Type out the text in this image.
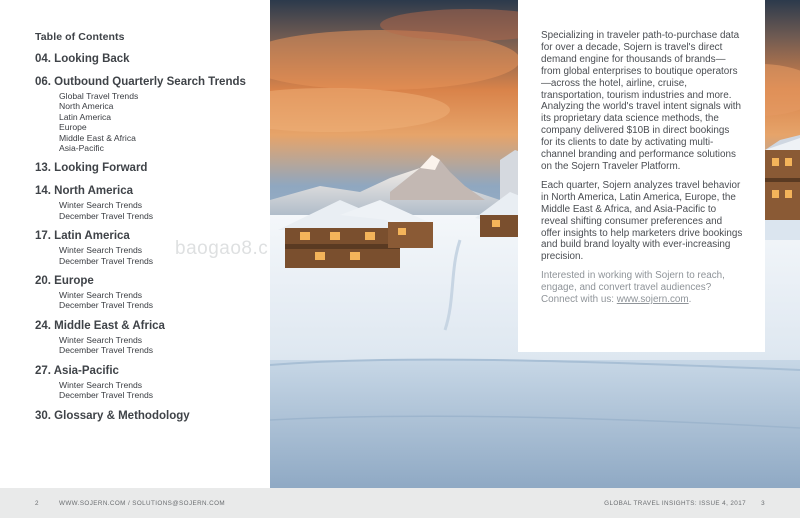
Table of Contents
04. Looking Back
06. Outbound Quarterly Search Trends
Global Travel Trends
North America
Latin America
Europe
Middle East & Africa
Asia-Pacific
13. Looking Forward
14. North America
Winter Search Trends
December Travel Trends
17. Latin America
Winter Search Trends
December Travel Trends
20. Europe
Winter Search Trends
December Travel Trends
24. Middle East & Africa
Winter Search Trends
December Travel Trends
27. Asia-Pacific
Winter Search Trends
December Travel Trends
30. Glossary & Methodology
baogao8.c

Specializing in traveler path-to-purchase data for over a decade, Sojern is travel's direct demand engine for thousands of brands—from global enterprises to boutique operators—across the hotel, airline, cruise, transportation, tourism industries and more. Analyzing the world's travel intent signals with its proprietary data science methods, the company delivered $10B in direct bookings for its clients to date by activating multi-channel branding and performance solutions on the Sojern Traveler Platform.

Each quarter, Sojern analyzes travel behavior in North America, Latin America, Europe, the Middle East & Africa, and Asia-Pacific to reveal shifting consumer preferences and offer insights to help marketers drive bookings and build brand loyalty with ever-increasing precision.

Interested in working with Sojern to reach, engage, and convert travel audiences? Connect with us: www.sojern.com.

2	WWW.SOJERN.COM / SOLUTIONS@SOJERN.COM	GLOBAL TRAVEL INSIGHTS: ISSUE 4, 2017 3
